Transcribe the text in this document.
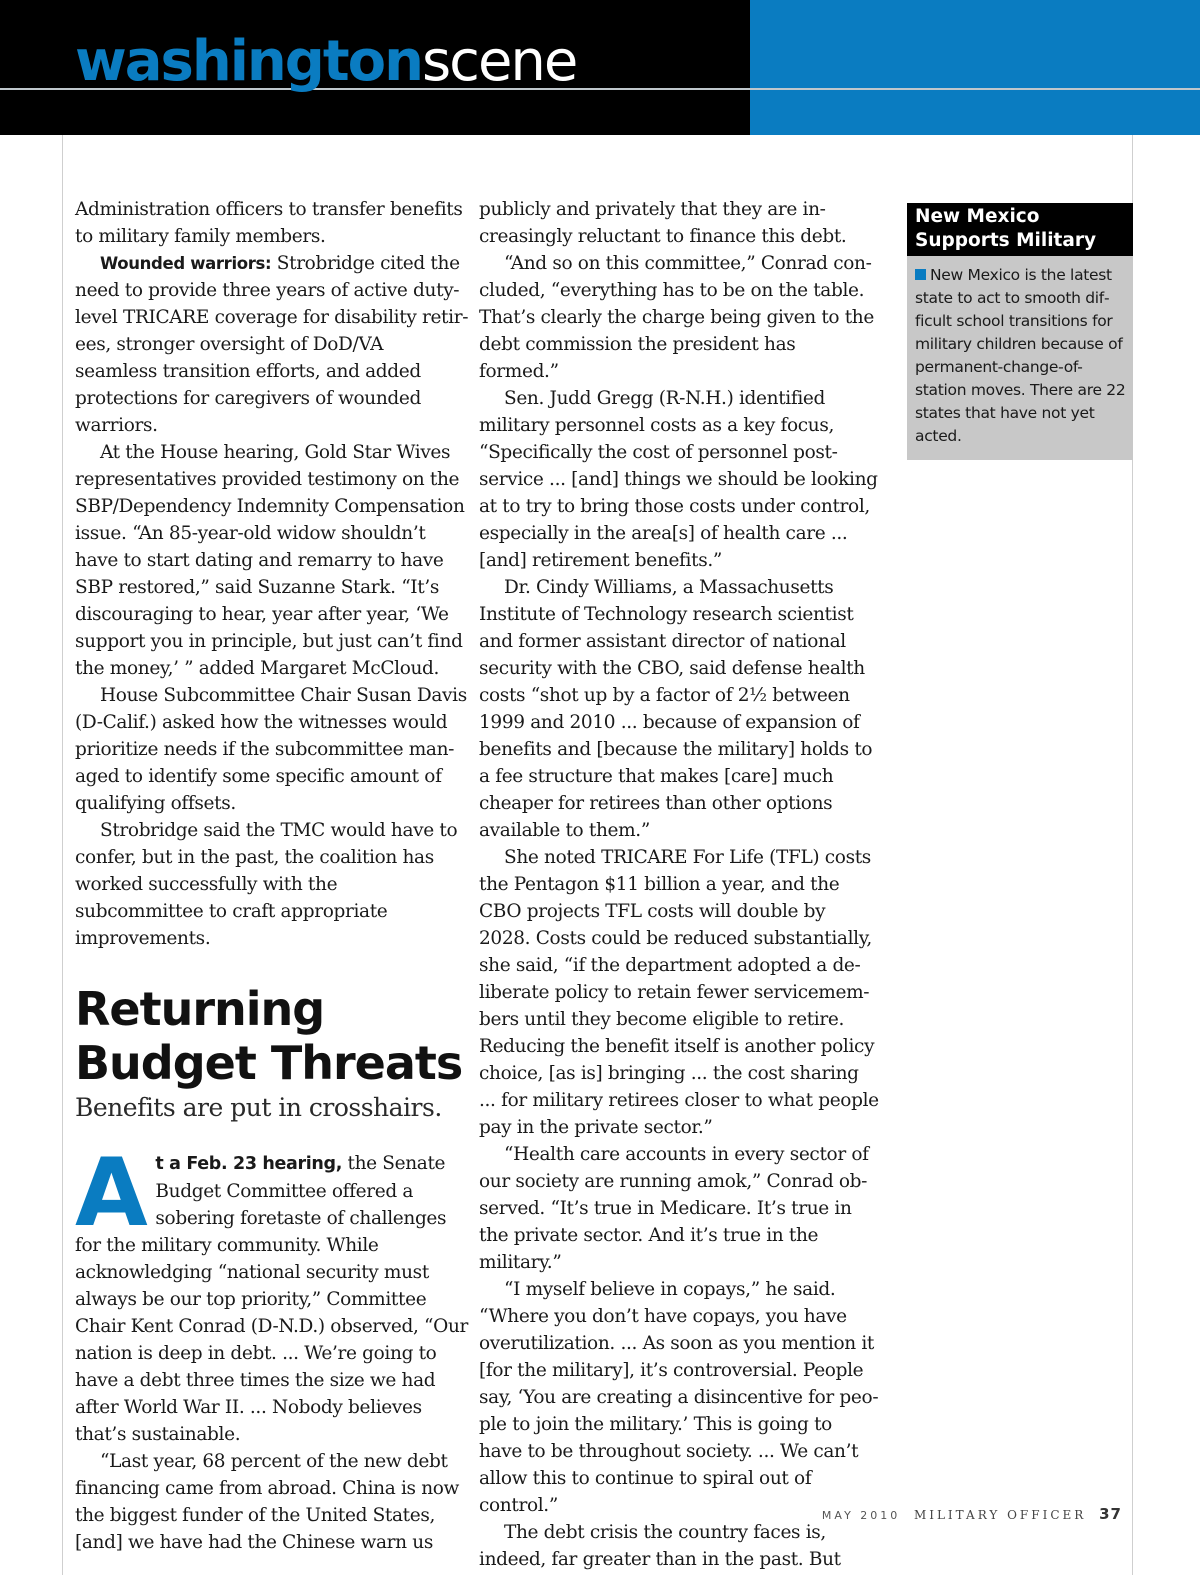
washingtonscene

Administration officers to transfer benefits to military family members.

Wounded warriors: Strobridge cited the need to provide three years of active duty-level TRICARE coverage for disability retirees, stronger oversight of DoD/VA seamless transition efforts, and added protections for caregivers of wounded warriors.

At the House hearing, Gold Star Wives representatives provided testimony on the SBP/Dependency Indemnity Compensation issue. “An 85-year-old widow shouldn’t have to start dating and remarry to have SBP restored,” said Suzanne Stark. “It’s discouraging to hear, year after year, ‘We support you in principle, but just can’t find the money,’ ” added Margaret McCloud.

House Subcommittee Chair Susan Davis (D-Calif.) asked how the witnesses would prioritize needs if the subcommittee managed to identify some specific amount of qualifying offsets.

Strobridge said the TMC would have to confer, but in the past, the coalition has worked successfully with the subcommittee to craft appropriate improvements.

Returning
Budget Threats
Benefits are put in crosshairs.

At a Feb. 23 hearing, the Senate Budget Committee offered a sobering foretaste of challenges for the military community. While acknowledging “national security must always be our top priority,” Committee Chair Kent Conrad (D-N.D.) observed, “Our nation is deep in debt. ... We’re going to have a debt three times the size we had after World War II. ... Nobody believes that’s sustainable.

“Last year, 68 percent of the new debt financing came from abroad. China is now the biggest funder of the United States, [and] we have had the Chinese warn us

publicly and privately that they are increasingly reluctant to finance this debt.

“And so on this committee,” Conrad concluded, “everything has to be on the table. That’s clearly the charge being given to the debt commission the president has formed.”

Sen. Judd Gregg (R-N.H.) identified military personnel costs as a key focus, “Specifically the cost of personnel post-service ... [and] things we should be looking at to try to bring those costs under control, especially in the area[s] of health care ... [and] retirement benefits.”

Dr. Cindy Williams, a Massachusetts Institute of Technology research scientist and former assistant director of national security with the CBO, said defense health costs “shot up by a factor of 2½ between 1999 and 2010 ... because of expansion of benefits and [because the military] holds to a fee structure that makes [care] much cheaper for retirees than other options available to them.”

She noted TRICARE For Life (TFL) costs the Pentagon $11 billion a year, and the CBO projects TFL costs will double by 2028. Costs could be reduced substantially, she said, “if the department adopted a deliberate policy to retain fewer servicemembers until they become eligible to retire. Reducing the benefit itself is another policy choice, [as is] bringing ... the cost sharing ... for military retirees closer to what people pay in the private sector.”

“Health care accounts in every sector of our society are running amok,” Conrad observed. “It’s true in Medicare. It’s true in the private sector. And it’s true in the military.”

“I myself believe in copays,” he said. “Where you don’t have copays, you have overutilization. ... As soon as you mention it [for the military], it’s controversial. People say, ‘You are creating a disincentive for people to join the military.’ This is going to have to be throughout society. ... We can’t allow this to continue to spiral out of control.”

The debt crisis the country faces is, indeed, far greater than in the past. But

New Mexico
Supports Military
New Mexico is the latest state to act to smooth difficult school transitions for military children because of permanent-change-of-station moves. There are 22 states that have not yet acted.
MAY 2010 MILITARY OFFICER 37
